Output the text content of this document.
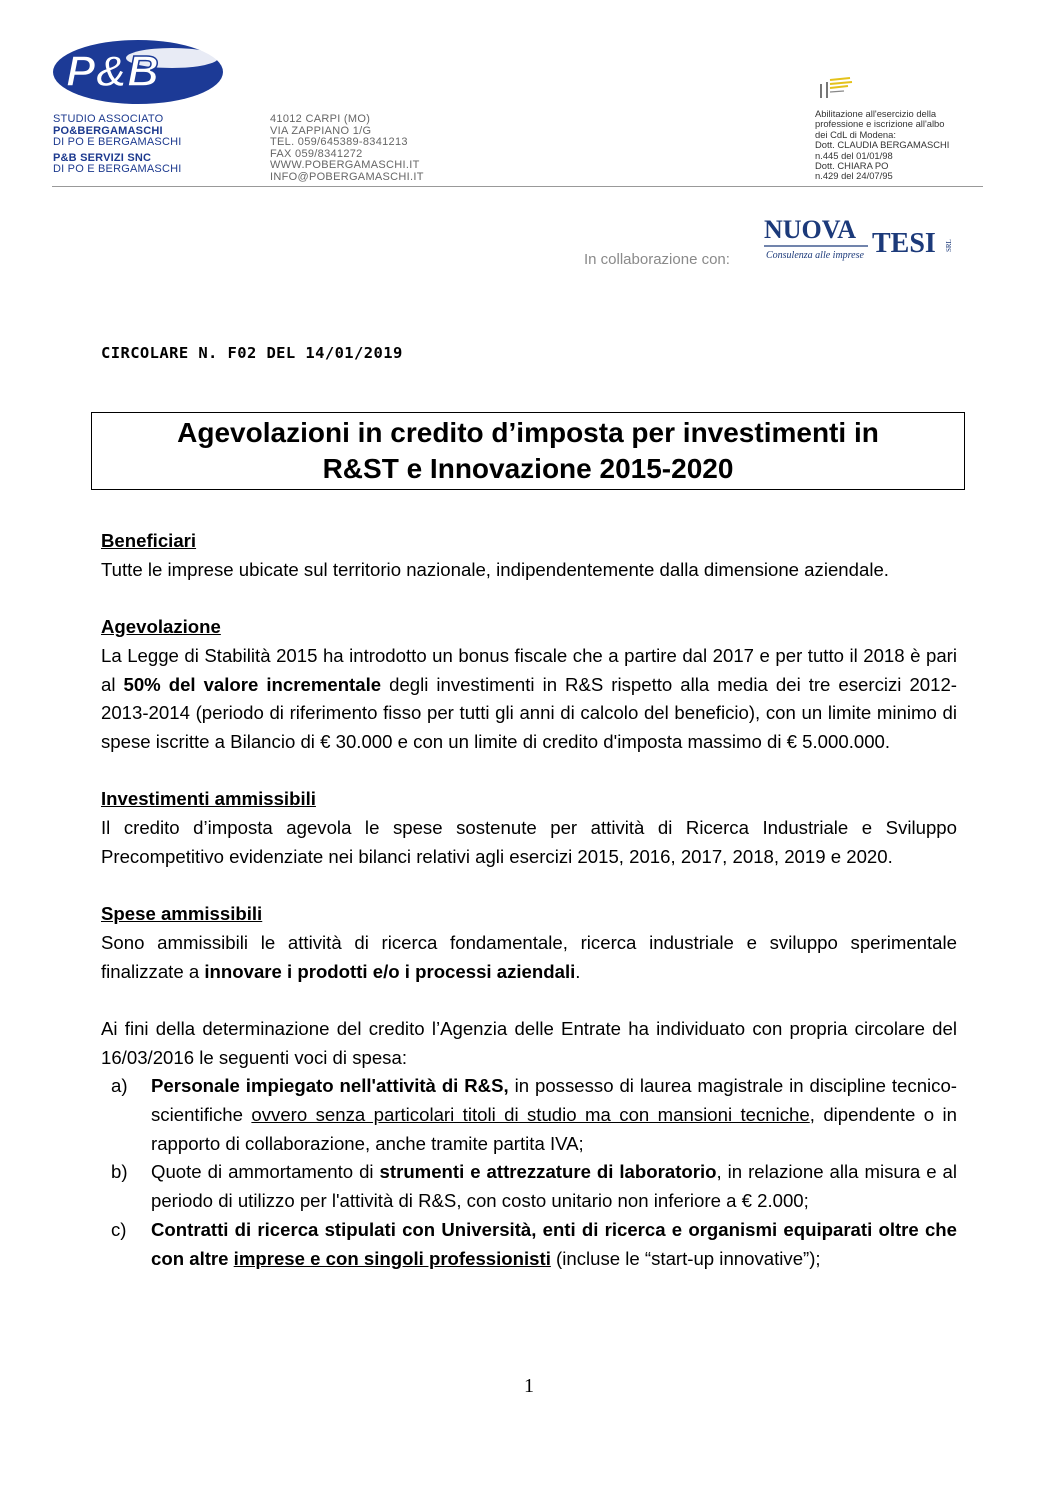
P&B
STUDIO ASSOCIATO
PO&BERGAMASCHI
DI PO E BERGAMASCHI
P&B SERVIZI SNC
DI PO E BERGAMASCHI
41012 CARPI (MO)
VIA ZAPPIANO 1/G
TEL. 059/645389-8341213
FAX 059/8341272
WWW.POBERGAMASCHI.IT
INFO@POBERGAMASCHI.IT
Abilitazione all'esercizio della
professione e iscrizione all'albo
dei CdL di Modena:
Dott. CLAUDIA BERGAMASCHI
n.445 del 01/01/98
Dott. CHIARA PO
n.429 del 24/07/95
In collaborazione con:
NUOVA TESI SRL
Consulenza alle imprese
CIRCOLARE N. F02 DEL 14/01/2019
Agevolazioni in credito d’imposta per investimenti in
R&ST e Innovazione 2015-2020
Beneficiari

Tutte le imprese ubicate sul territorio nazionale, indipendentemente dalla dimensione aziendale.

Agevolazione

La Legge di Stabilità 2015 ha introdotto un bonus fiscale che a partire dal 2017 e per tutto il 2018 è pari al 50% del valore incrementale degli investimenti in R&S rispetto alla media dei tre esercizi 2012-2013-2014 (periodo di riferimento fisso per tutti gli anni di calcolo del beneficio), con un limite minimo di spese iscritte a Bilancio di € 30.000 e con un limite di credito d'imposta massimo di € 5.000.000.

Investimenti ammissibili

Il credito d’imposta agevola le spese sostenute per attività di Ricerca Industriale e Sviluppo Precompetitivo evidenziate nei bilanci relativi agli esercizi 2015, 2016, 2017, 2018, 2019 e 2020.

Spese ammissibili

Sono ammissibili le attività di ricerca fondamentale, ricerca industriale e sviluppo sperimentale finalizzate a innovare i prodotti e/o i processi aziendali.

Ai fini della determinazione del credito l’Agenzia delle Entrate ha individuato con propria circolare del 16/03/2016 le seguenti voci di spesa:

a) Personale impiegato nell'attività di R&S, in possesso di laurea magistrale in discipline tecnico-scientifiche ovvero senza particolari titoli di studio ma con mansioni tecniche, dipendente o in rapporto di collaborazione, anche tramite partita IVA;

b) Quote di ammortamento di strumenti e attrezzature di laboratorio, in relazione alla misura e al periodo di utilizzo per l'attività di R&S, con costo unitario non inferiore a € 2.000;

c) Contratti di ricerca stipulati con Università, enti di ricerca e organismi equiparati oltre che con altre imprese e con singoli professionisti (incluse le “start-up innovative”);

1
